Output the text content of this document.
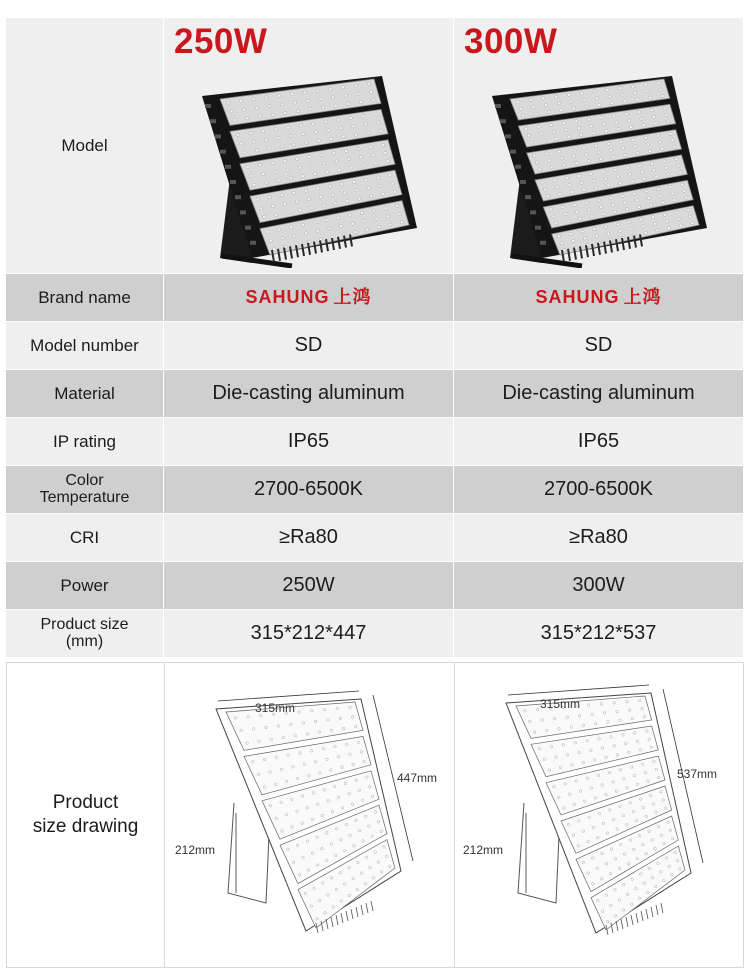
Model
250W	300W
Brand name	SAHUNG 上鸿	SAHUNG 上鸿
Model number	SD	SD
Material	Die-casting aluminum	Die-casting aluminum
IP rating	IP65	IP65
Color
Temperature	2700-6500K	2700-6500K
CRI	≥Ra80	≥Ra80
Power	250W	300W
Product size
(mm)	315*212*447	315*212*537
Product
size drawing
315mm
447mm
212mm
315mm
537mm
212mm
